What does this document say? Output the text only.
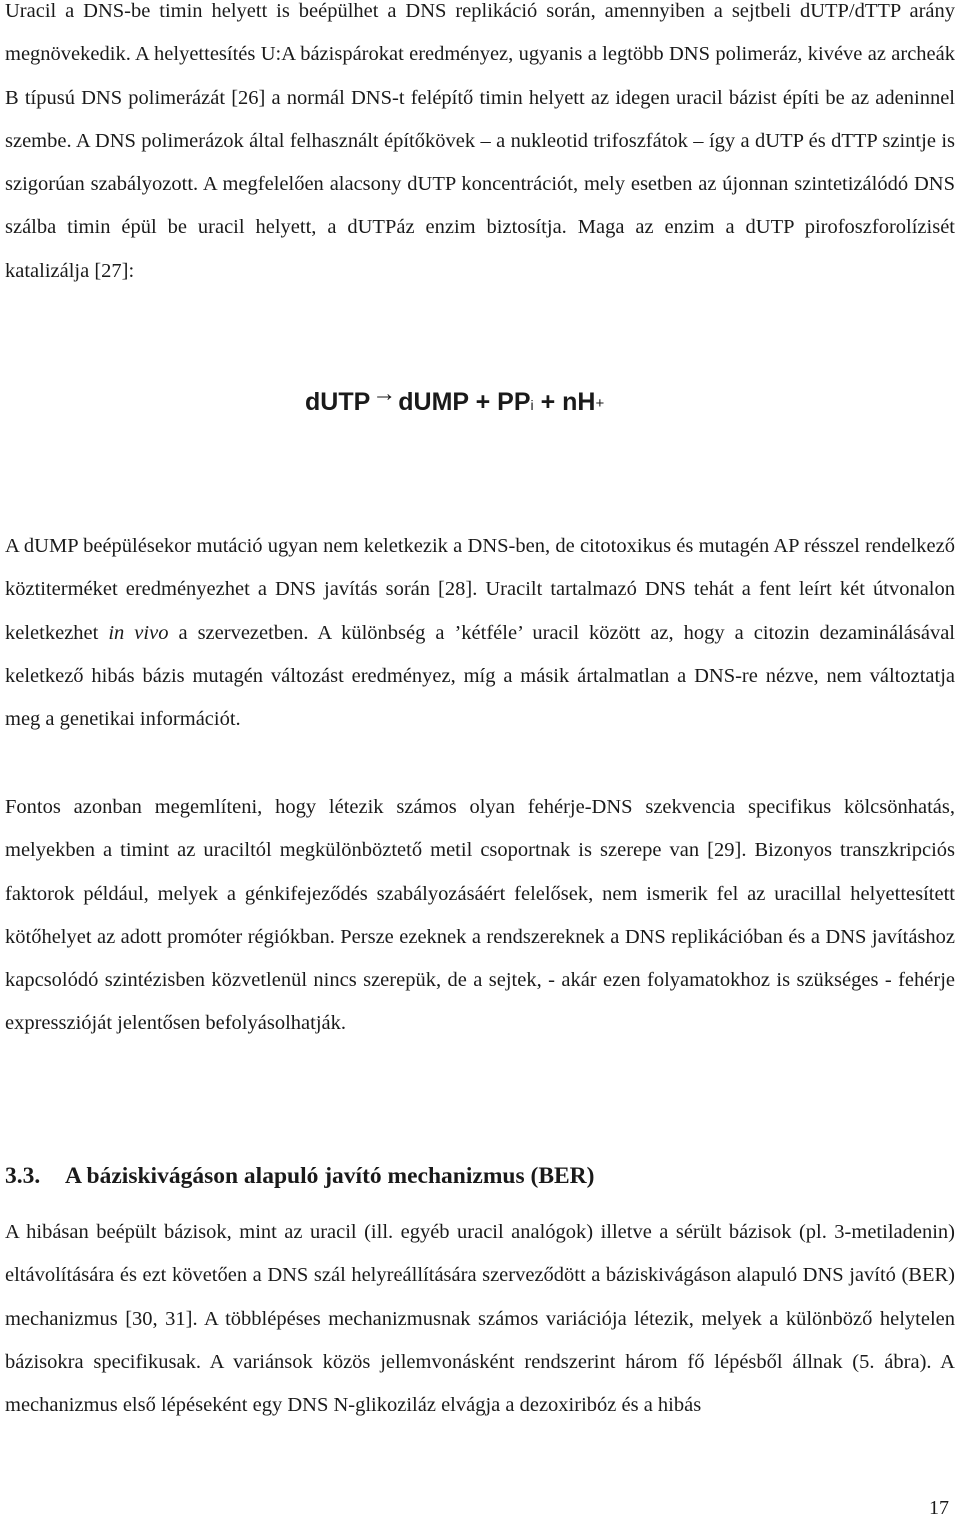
Uracil a DNS-be timin helyett is beépülhet a DNS replikáció során, amennyiben a sejtbeli dUTP/dTTP arány megnövekedik. A helyettesítés U:A bázispárokat eredményez, ugyanis a legtöbb DNS polimeráz, kivéve az archeák B típusú DNS polimerázát [26] a normál DNS-t felépítő timin helyett az idegen uracil bázist építi be az adeninnel szembe. A DNS polimerázok által felhasznált építőkövek – a nukleotid trifoszfátok – így a dUTP és dTTP szintje is szigorúan szabályozott. A megfelelően alacsony dUTP koncentrációt, mely esetben az újonnan szintetizálódó DNS szálba timin épül be uracil helyett, a dUTPáz enzim biztosítja. Maga az enzim a dUTP pirofoszforolízisét katalizálja [27]:

dUTP→dUMP + PPi + nH+

A dUMP beépülésekor mutáció ugyan nem keletkezik a DNS-ben, de citotoxikus és mutagén AP résszel rendelkező köztiterméket eredményezhet a DNS javítás során [28]. Uracilt tartalmazó DNS tehát a fent leírt két útvonalon keletkezhet in vivo a szervezetben. A különbség a ’kétféle’ uracil között az, hogy a citozin dezaminálásával keletkező hibás bázis mutagén változást eredményez, míg a másik ártalmatlan a DNS-re nézve, nem változtatja meg a genetikai információt.

Fontos azonban megemlíteni, hogy létezik számos olyan fehérje-DNS szekvencia specifikus kölcsönhatás, melyekben a timint az uraciltól megkülönböztető metil csoportnak is szerepe van [29]. Bizonyos transzkripciós faktorok például, melyek a génkifejeződés szabályozásáért felelősek, nem ismerik fel az uracillal helyettesített kötőhelyet az adott promóter régiókban. Persze ezeknek a rendszereknek a DNS replikációban és a DNS javításhoz kapcsolódó szintézisben közvetlenül nincs szerepük, de a sejtek, - akár ezen folyamatokhoz is szükséges - fehérje expresszióját jelentősen befolyásolhatják.

3.3. A báziskivágáson alapuló javító mechanizmus (BER)

A hibásan beépült bázisok, mint az uracil (ill. egyéb uracil analógok) illetve a sérült bázisok (pl. 3-metiladenin) eltávolítására és ezt követően a DNS szál helyreállítására szerveződött a báziskivágáson alapuló DNS javító (BER) mechanizmus [30, 31]. A többlépéses mechanizmusnak számos variációja létezik, melyek a különböző helytelen bázisokra specifikusak. A variánsok közös jellemvonásként rendszerint három fő lépésből állnak (5. ábra). A mechanizmus első lépéseként egy DNS N-glikoziláz elvágja a dezoxiribóz és a hibás

17
